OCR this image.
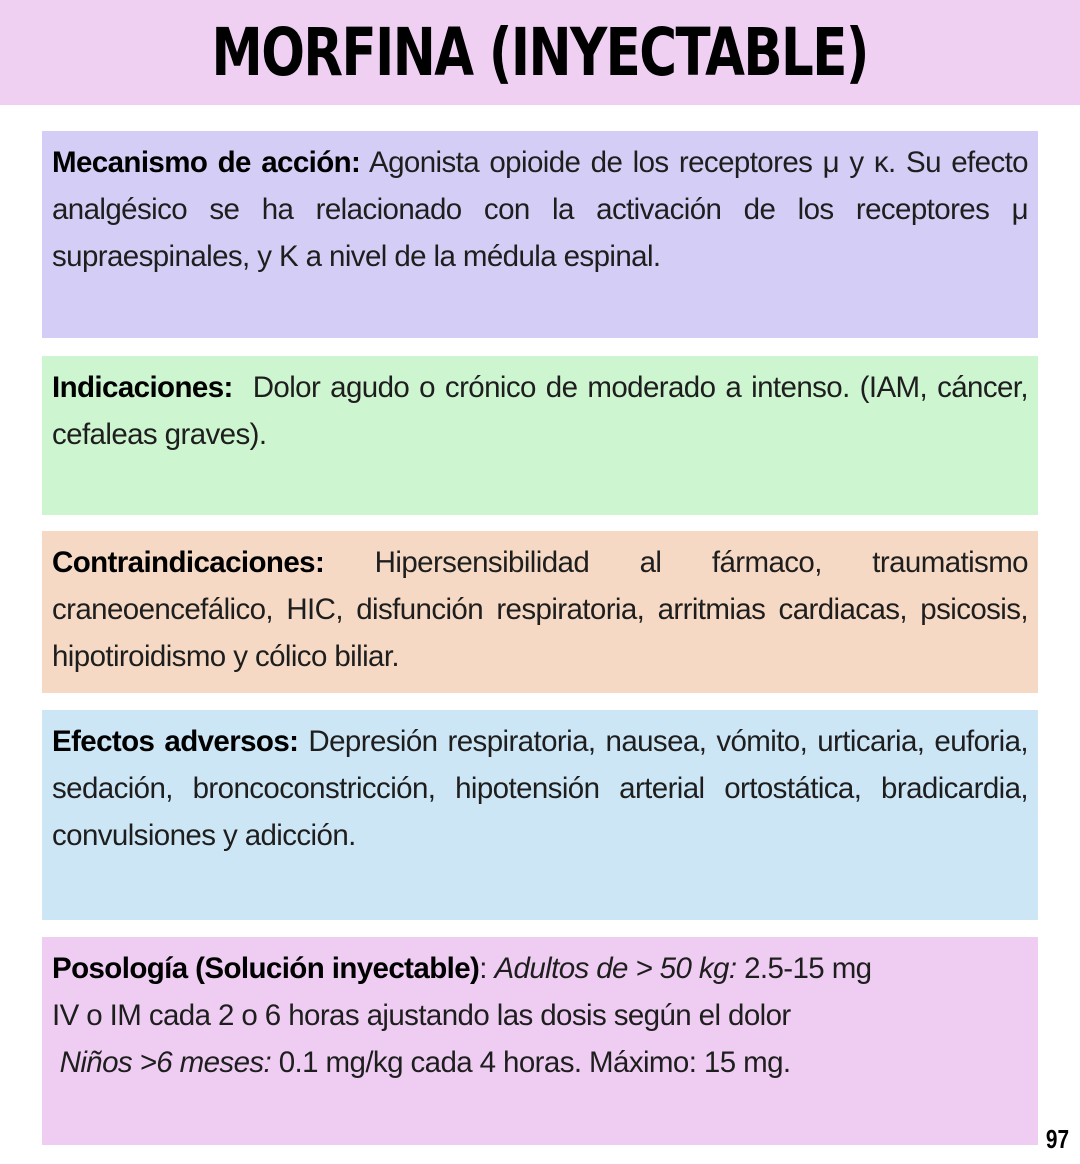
MORFINA (INYECTABLE)
Mecanismo de acción: Agonista opioide de los receptores μ y κ. Su efecto analgésico se ha relacionado con la activación de los receptores μ supraespinales, y K a nivel de la médula espinal.
Indicaciones: Dolor agudo o crónico de moderado a intenso. (IAM, cáncer, cefaleas graves).
Contraindicaciones: Hipersensibilidad al fármaco, traumatismo craneoencefálico, HIC, disfunción respiratoria, arritmias cardiacas, psicosis, hipotiroidismo y cólico biliar.
Efectos adversos: Depresión respiratoria, nausea, vómito, urticaria, euforia, sedación, broncoconstricción, hipotensión arterial ortostática, bradicardia, convulsiones y adicción.
Posología (Solución inyectable): Adultos de > 50 kg: 2.5-15 mg
IV o IM cada 2 o 6 horas ajustando las dosis según el dolor
Niños >6 meses: 0.1 mg/kg cada 4 horas. Máximo: 15 mg.
97
